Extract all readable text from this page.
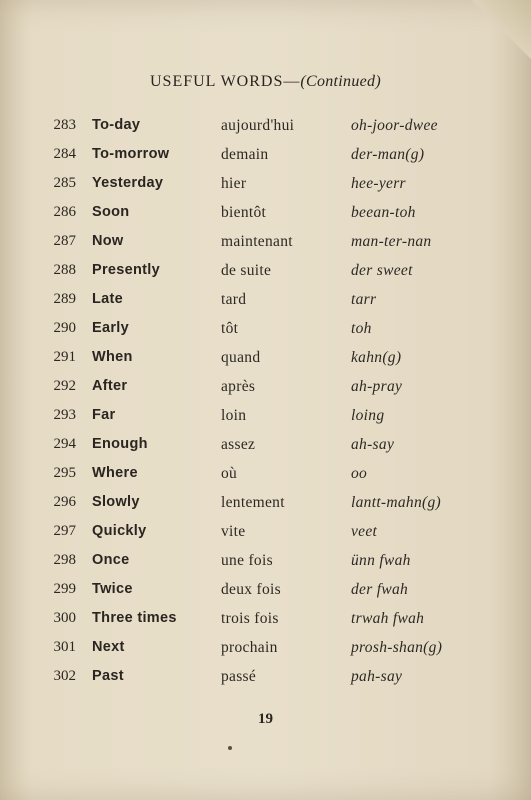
USEFUL WORDS—(Continued)
283 To-day	aujourd'hui	oh-joor-dwee
284 To-morrow	demain	der-man(g)
285 Yesterday	hier	hee-yerr
286 Soon	bientôt	beean-toh
287 Now	maintenant	man-ter-nan
288 Presently	de suite	der sweet
289 Late	tard	tarr
290 Early	tôt	toh
291 When	quand	kahn(g)
292 After	après	ah-pray
293 Far	loin	loing
294 Enough	assez	ah-say
295 Where	où	oo
296 Slowly	lentement	lantt-mahn(g)
297 Quickly	vite	veet
298 Once	une fois	ünn fwah
299 Twice	deux fois	der fwah
300 Three times	trois fois	trwah fwah
301 Next	prochain	prosh-shan(g)
302 Past	passé	pah-say
19
